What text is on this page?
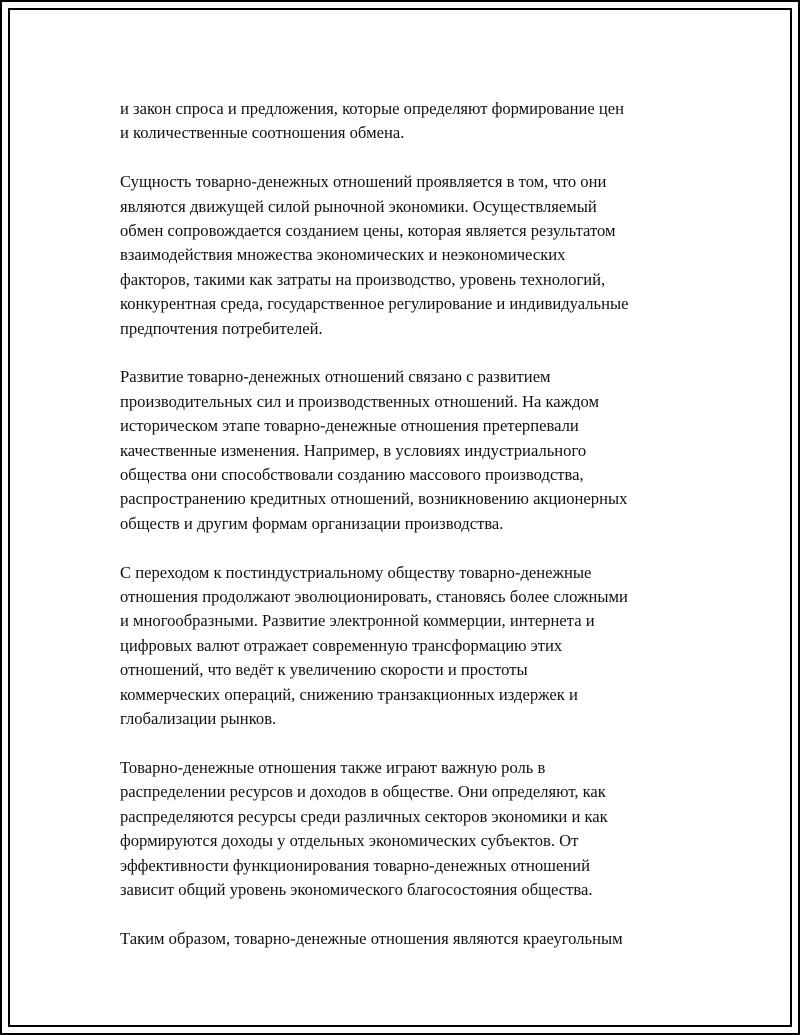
и закон спроса и предложения, которые определяют формирование цен
и количественные соотношения обмена.

Сущность товарно-денежных отношений проявляется в том, что они
являются движущей силой рыночной экономики. Осуществляемый
обмен сопровождается созданием цены, которая является результатом
взаимодействия множества экономических и неэкономических
факторов, такими как затраты на производство, уровень технологий,
конкурентная среда, государственное регулирование и индивидуальные
предпочтения потребителей.

Развитие товарно-денежных отношений связано с развитием
производительных сил и производственных отношений. На каждом
историческом этапе товарно-денежные отношения претерпевали
качественные изменения. Например, в условиях индустриального
общества они способствовали созданию массового производства,
распространению кредитных отношений, возникновению акционерных
обществ и другим формам организации производства.

С переходом к постиндустриальному обществу товарно-денежные
отношения продолжают эволюционировать, становясь более сложными
и многообразными. Развитие электронной коммерции, интернета и
цифровых валют отражает современную трансформацию этих
отношений, что ведёт к увеличению скорости и простоты
коммерческих операций, снижению транзакционных издержек и
глобализации рынков.

Товарно-денежные отношения также играют важную роль в
распределении ресурсов и доходов в обществе. Они определяют, как
распределяются ресурсы среди различных секторов экономики и как
формируются доходы у отдельных экономических субъектов. От
эффективности функционирования товарно-денежных отношений
зависит общий уровень экономического благосостояния общества.

Таким образом, товарно-денежные отношения являются краеугольным
